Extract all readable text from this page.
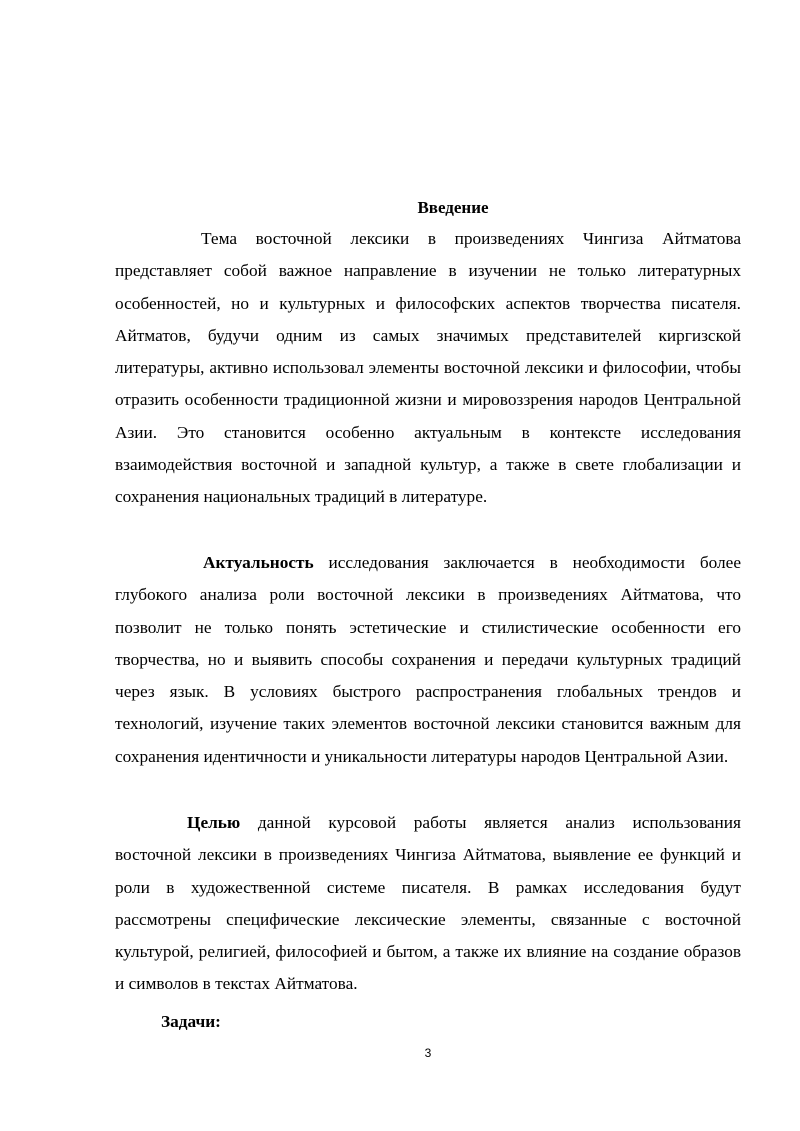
Введение

Тема восточной лексики в произведениях Чингиза Айтматова представляет собой важное направление в изучении не только литературных особенностей, но и культурных и философских аспектов творчества писателя. Айтматов, будучи одним из самых значимых представителей киргизской литературы, активно использовал элементы восточной лексики и философии, чтобы отразить особенности традиционной жизни и мировоззрения народов Центральной Азии. Это становится особенно актуальным в контексте исследования взаимодействия восточной и западной культур, а также в свете глобализации и сохранения национальных традиций в литературе.

Актуальность исследования заключается в необходимости более глубокого анализа роли восточной лексики в произведениях Айтматова, что позволит не только понять эстетические и стилистические особенности его творчества, но и выявить способы сохранения и передачи культурных традиций через язык. В условиях быстрого распространения глобальных трендов и технологий, изучение таких элементов восточной лексики становится важным для сохранения идентичности и уникальности литературы народов Центральной Азии.

Целью данной курсовой работы является анализ использования восточной лексики в произведениях Чингиза Айтматова, выявление ее функций и роли в художественной системе писателя. В рамках исследования будут рассмотрены специфические лексические элементы, связанные с восточной культурой, религией, философией и бытом, а также их влияние на создание образов и символов в текстах Айтматова.

Задачи:

3
